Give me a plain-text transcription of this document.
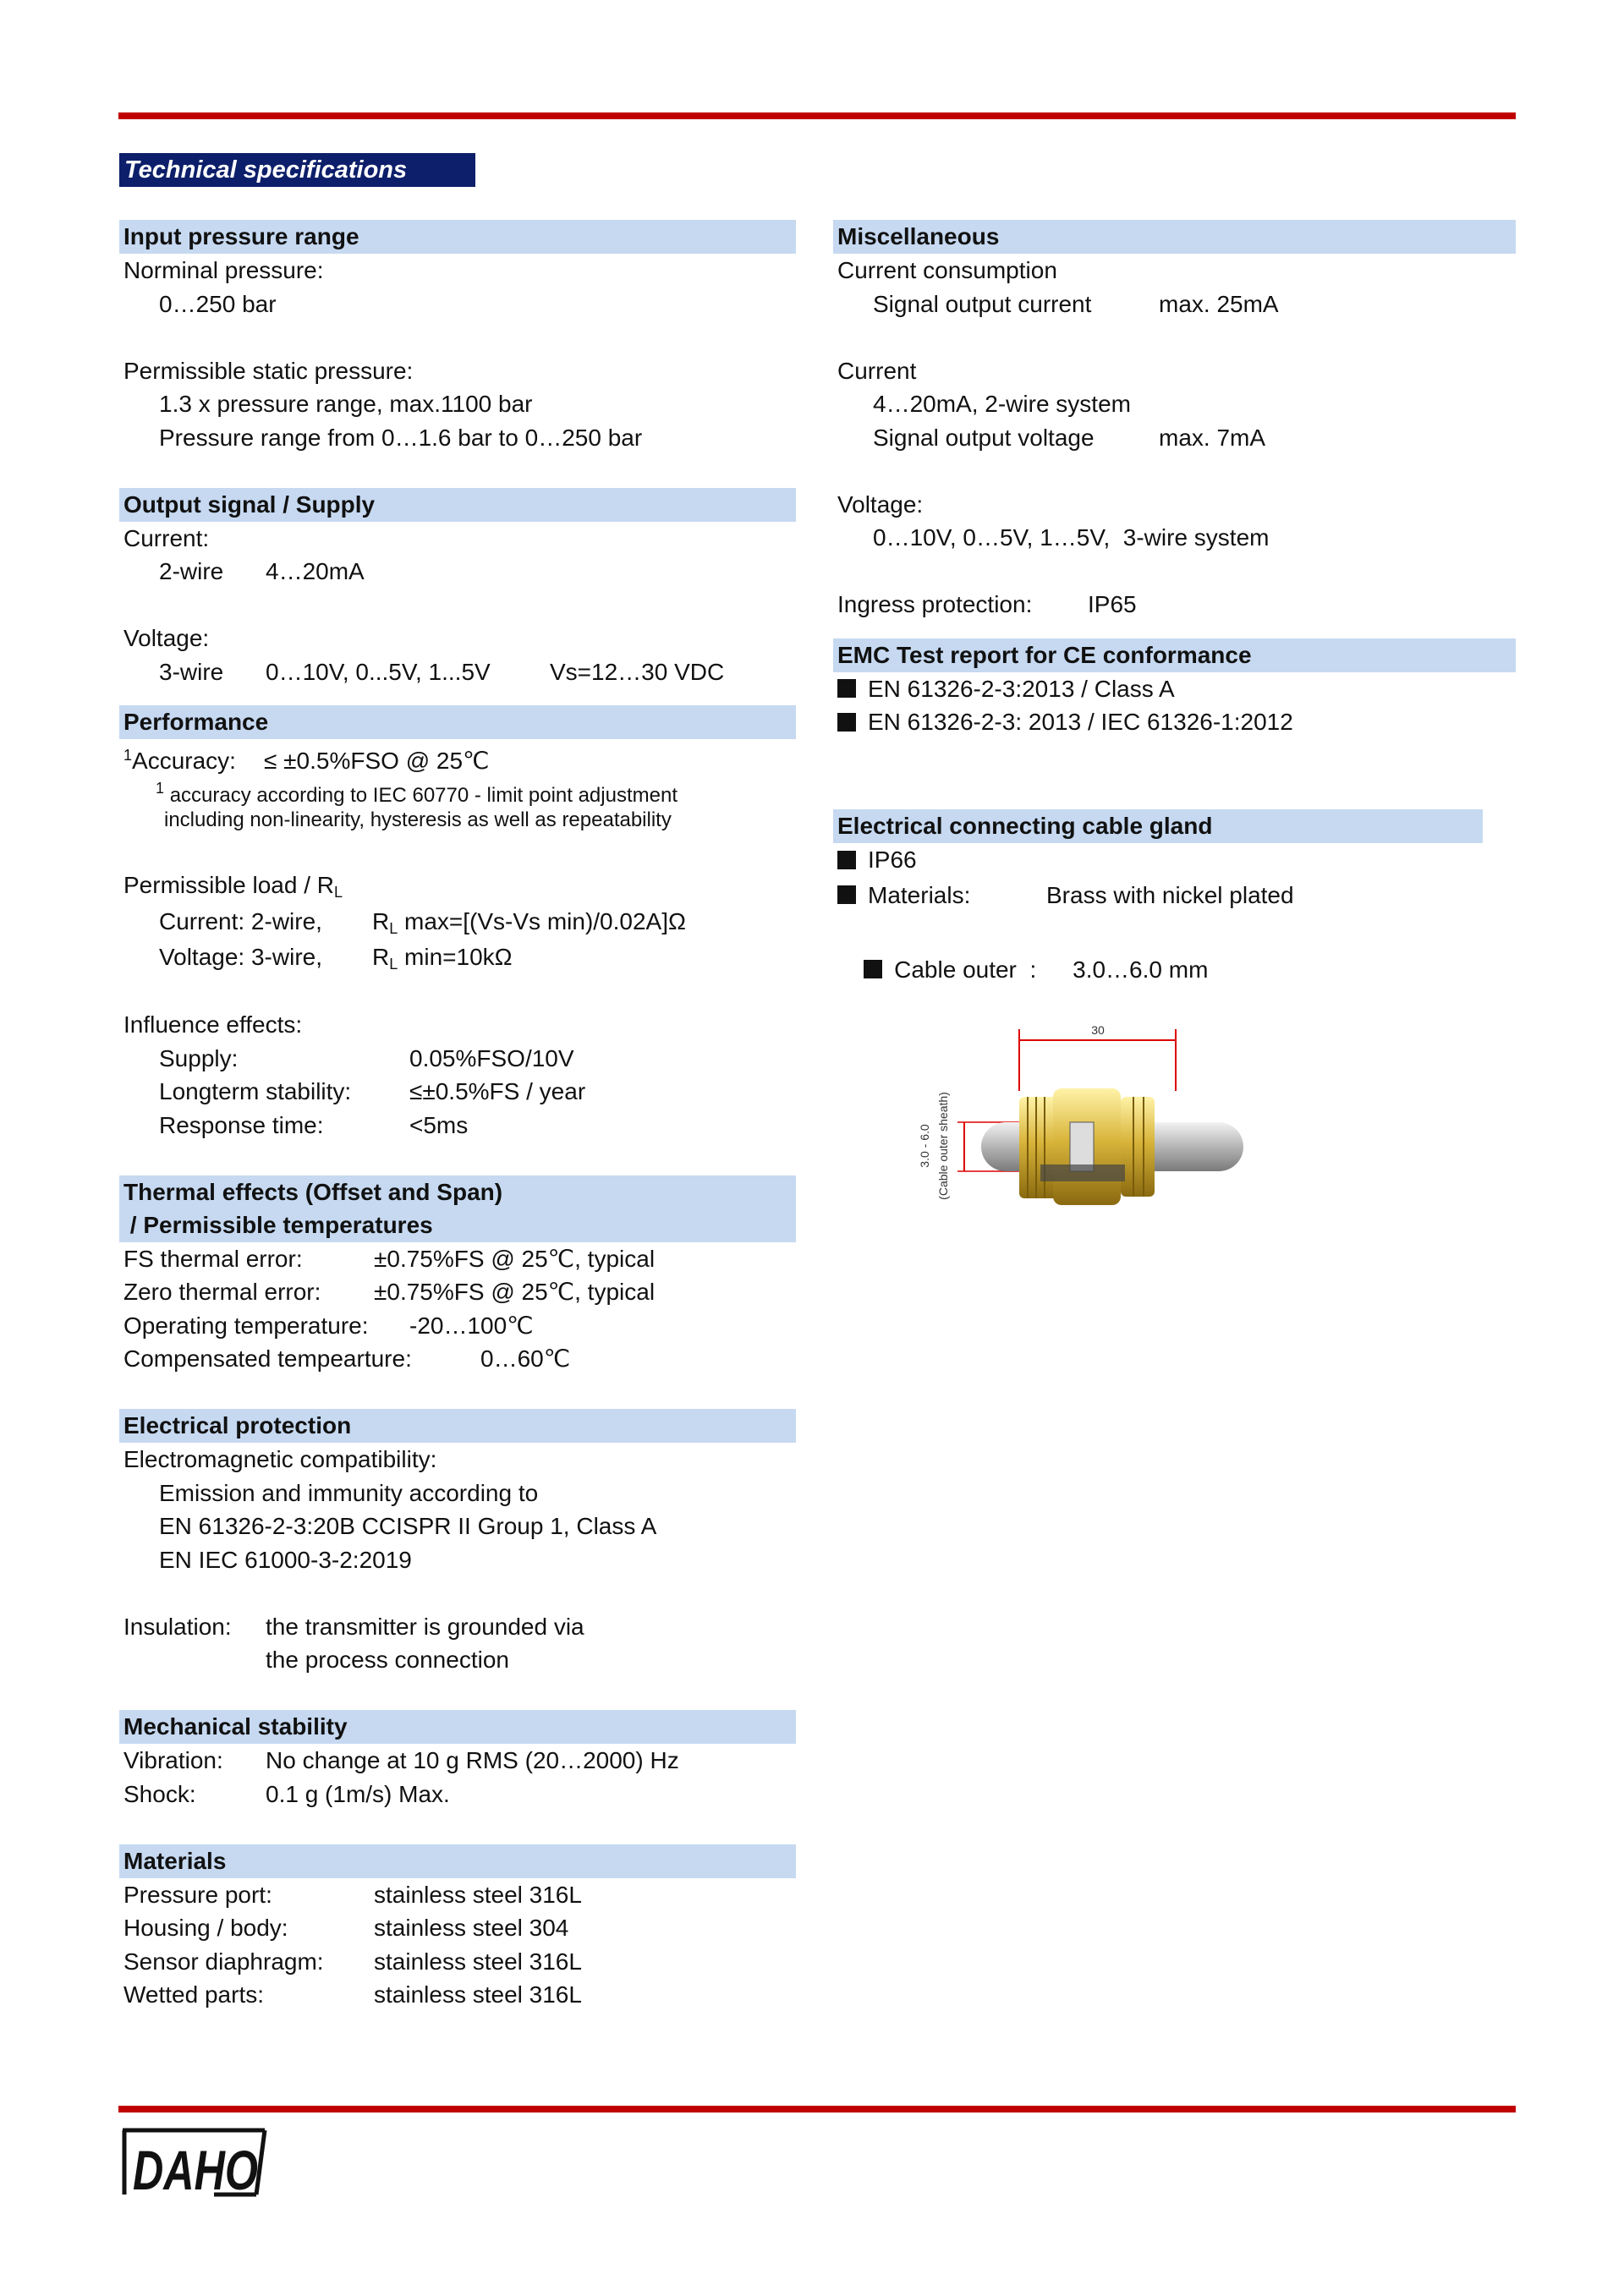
Technical specifications
Input pressure range
Norminal pressure:
0…250 bar
Permissible static pressure:
1.3 x pressure range, max.1100 bar
Pressure range from 0…1.6 bar to 0…250 bar
Output signal / Supply
Current:
2-wire 4…20mA
Voltage:
3-wire 0…10V, 0...5V, 1...5V	Vs=12…30 VDC
Performance
$^1$Accuracy: ≤ ±0.5%FSO @ 25℃
$^1$ accuracy according to IEC 60770 - limit point adjustment
including non-linearity, hysteresis as well as repeatability
Permissible load / $R_L$
Current: 2-wire, $R_L$ max=[(Vs-Vs min)/0.02A]Ω
Voltage: 3-wire, $R_L$ min=10kΩ
Influence effects:
Supply:	0.05%FSO/10V
Longterm stability: ≤±0.5%FS / year
Response time:	<5ms
Thermal effects (Offset and Span)
/ Permissible temperatures
FS thermal error:	±0.75%FS @ 25℃, typical
Zero thermal error: ±0.75%FS @ 25℃, typical
Operating temperature: -20…100℃
Compensated tempearture:	0…60℃
Electrical protection
Electromagnetic compatibility:
Emission and immunity according to
EN 61326-2-3:20B CCISPR II Group 1, Class A
EN IEC 61000-3-2:2019
Insulation: the transmitter is grounded via
the process connection
Mechanical stability
Vibration: No change at 10 g RMS (20…2000) Hz
Shock:	0.1 g (1m/s) Max.
Materials
Pressure port:	stainless steel 316L
Housing / body:	stainless steel 304
Sensor diaphragm: stainless steel 316L
Wetted parts:	stainless steel 316L
Miscellaneous
Current consumption
Signal output current	max. 25mA
Current
4…20mA, 2-wire system
Signal output voltage	max. 7mA
Voltage:
0…10V, 0…5V, 1…5V,  3-wire system
Ingress protection: IP65
EMC Test report for CE conformance
EN 61326-2-3:2013 / Class A
EN 61326-2-3: 2013 / IEC 61326-1:2012
Electrical connecting cable gland
IP66
Materials:	Brass with nickel plated

Cable outer  : 3.0…6.0 mm

30
3.0 - 6.0 (Cable outer sheath)
DAHO
